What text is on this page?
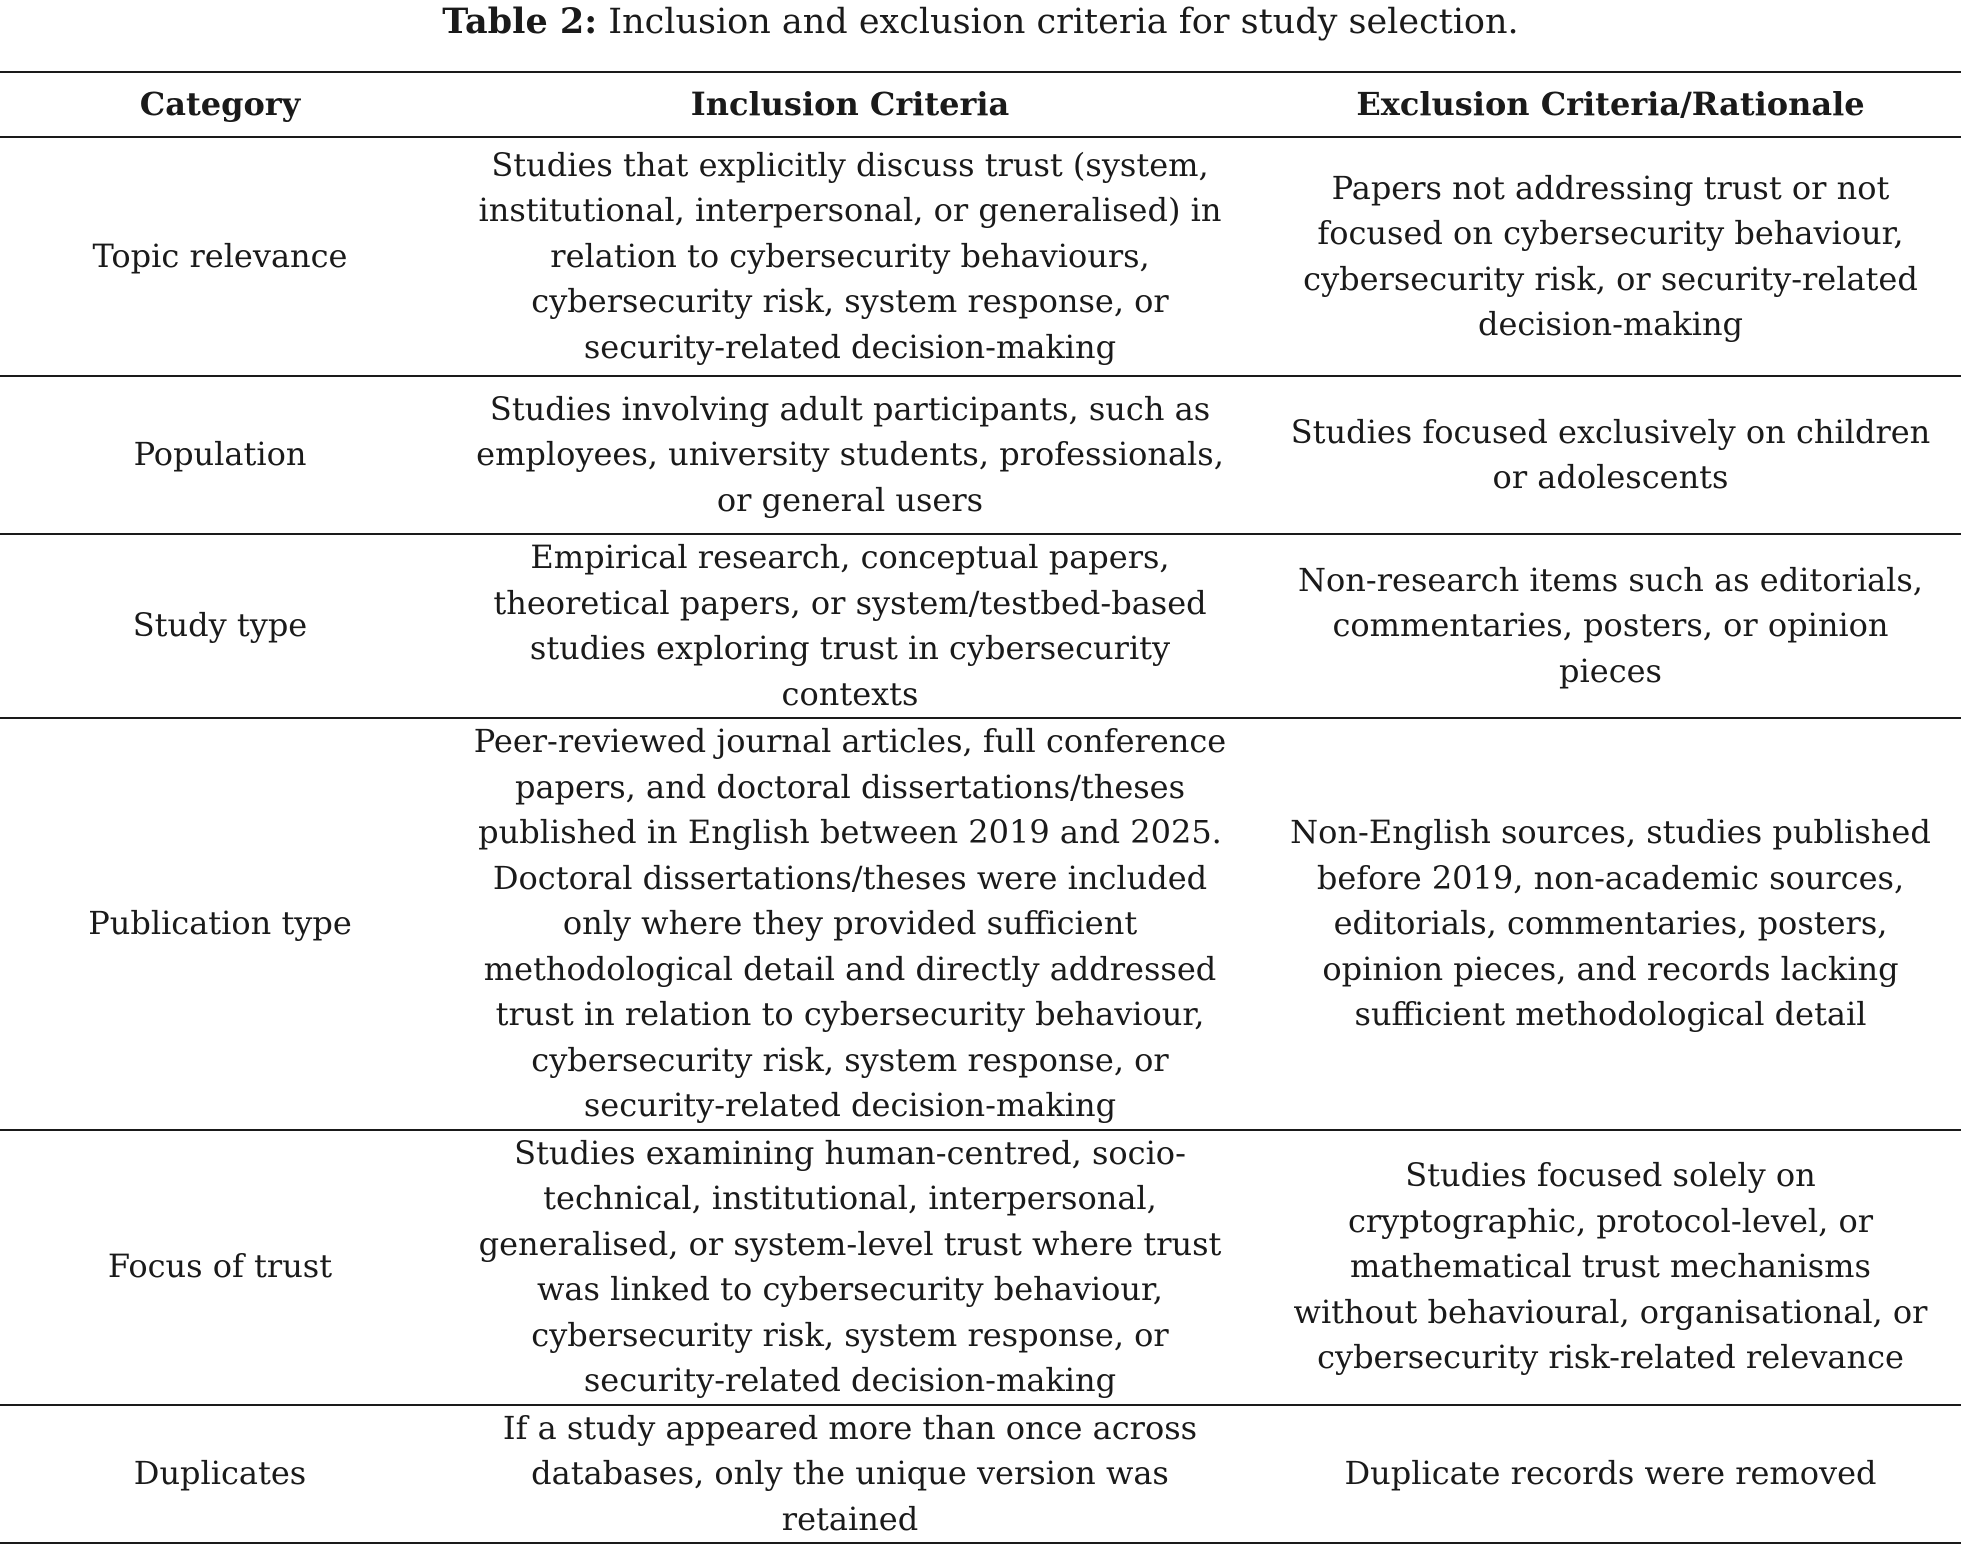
Table 2: Inclusion and exclusion criteria for study selection.
Category	Inclusion Criteria	Exclusion Criteria/Rationale
Topic relevance	Studies that explicitly discuss trust (system, institutional, interpersonal, or generalised) in relation to cybersecurity behaviours, cybersecurity risk, system response, or security-related decision-making	Papers not addressing trust or not focused on cybersecurity behaviour, cybersecurity risk, or security-related decision-making
Population	Studies involving adult participants, such as employees, university students, professionals, or general users	Studies focused exclusively on children or adolescents
Study type	Empirical research, conceptual papers, theoretical papers, or system/testbed-based studies exploring trust in cybersecurity contexts	Non-research items such as editorials, commentaries, posters, or opinion pieces
Publication type	Peer-reviewed journal articles, full conference papers, and doctoral dissertations/theses published in English between 2019 and 2025. Doctoral dissertations/theses were included only where they provided sufficient methodological detail and directly addressed trust in relation to cybersecurity behaviour, cybersecurity risk, system response, or security-related decision-making	Non-English sources, studies published before 2019, non-academic sources, editorials, commentaries, posters, opinion pieces, and records lacking sufficient methodological detail
Focus of trust	Studies examining human-centred, socio-technical, institutional, interpersonal, generalised, or system-level trust where trust was linked to cybersecurity behaviour, cybersecurity risk, system response, or security-related decision-making	Studies focused solely on cryptographic, protocol-level, or mathematical trust mechanisms without behavioural, organisational, or cybersecurity risk-related relevance
Duplicates	If a study appeared more than once across databases, only the unique version was retained	Duplicate records were removed
